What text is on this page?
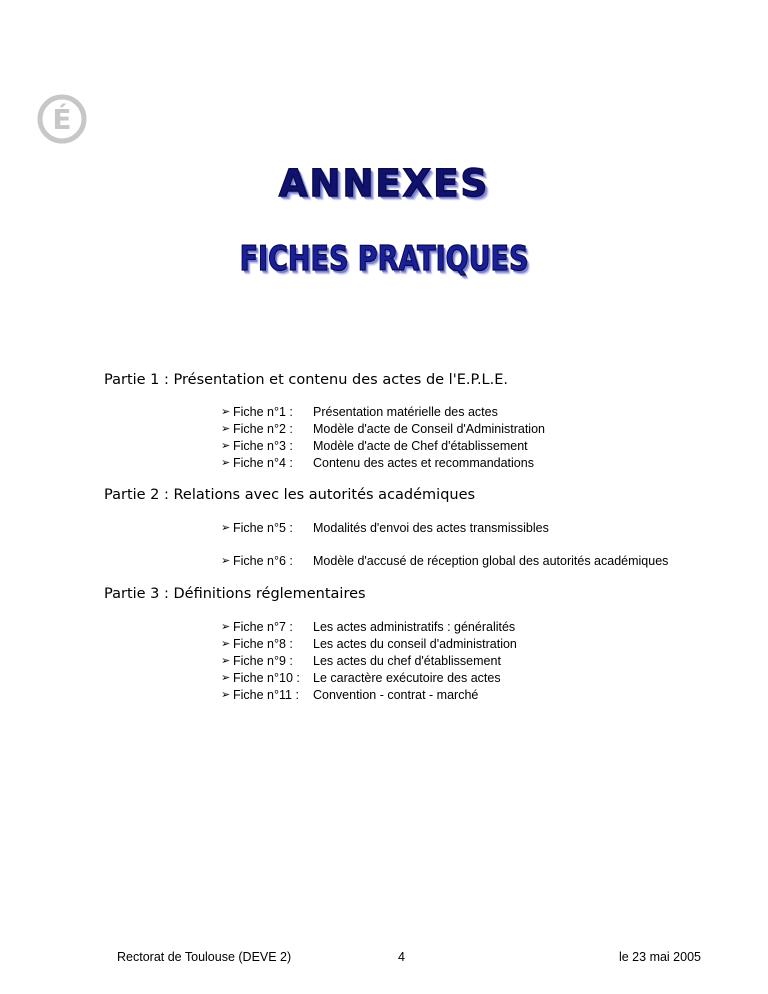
É
ANNEXES
FICHES PRATIQUES
Partie 1 : Présentation et contenu des actes de l'E.P.L.E.
➢ Fiche n°1 :	Présentation matérielle des actes
➢ Fiche n°2 :	Modèle d'acte de Conseil d'Administration
➢ Fiche n°3 :	Modèle d'acte de Chef d'établissement
➢ Fiche n°4 :	Contenu des actes et recommandations
Partie 2 : Relations avec les autorités académiques
➢ Fiche n°5 :	Modalités d'envoi des actes transmissibles
➢ Fiche n°6 :	Modèle d'accusé de réception global des autorités académiques
Partie 3 : Définitions réglementaires
➢ Fiche n°7 :	Les actes administratifs : généralités
➢ Fiche n°8 :	Les actes du conseil d'administration
➢ Fiche n°9 :	Les actes du chef d'établissement
➢ Fiche n°10 :	Le caractère exécutoire des actes
➢ Fiche n°11 :	Convention - contrat - marché
Rectorat de Toulouse (DEVE 2)	4	le 23 mai 2005
